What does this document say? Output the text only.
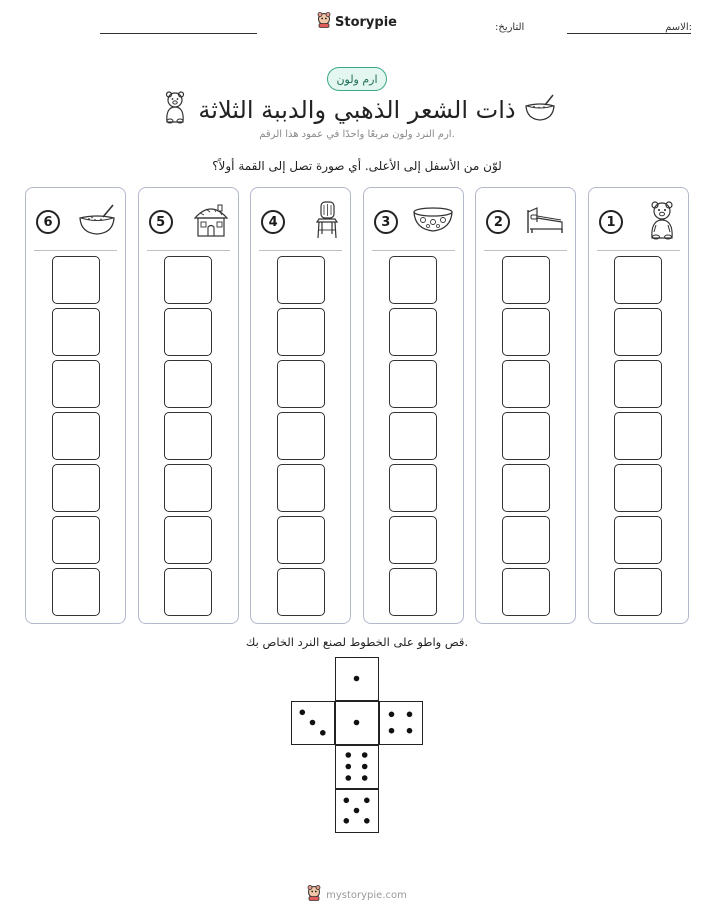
الاسم:
Storypie	التاريخ:
ارم ولون
ذات الشعر الذهبي والدببة الثلاثة
ارم النرد ولون مربعًا واحدًا في عمود هذا الرقم.
لوّن من الأسفل إلى الأعلى. أي صورة تصل إلى القمة أولاً؟
1
2
3
4
5
6
قص واطو على الخطوط لصنع النرد الخاص بك.
mystorypie.com
